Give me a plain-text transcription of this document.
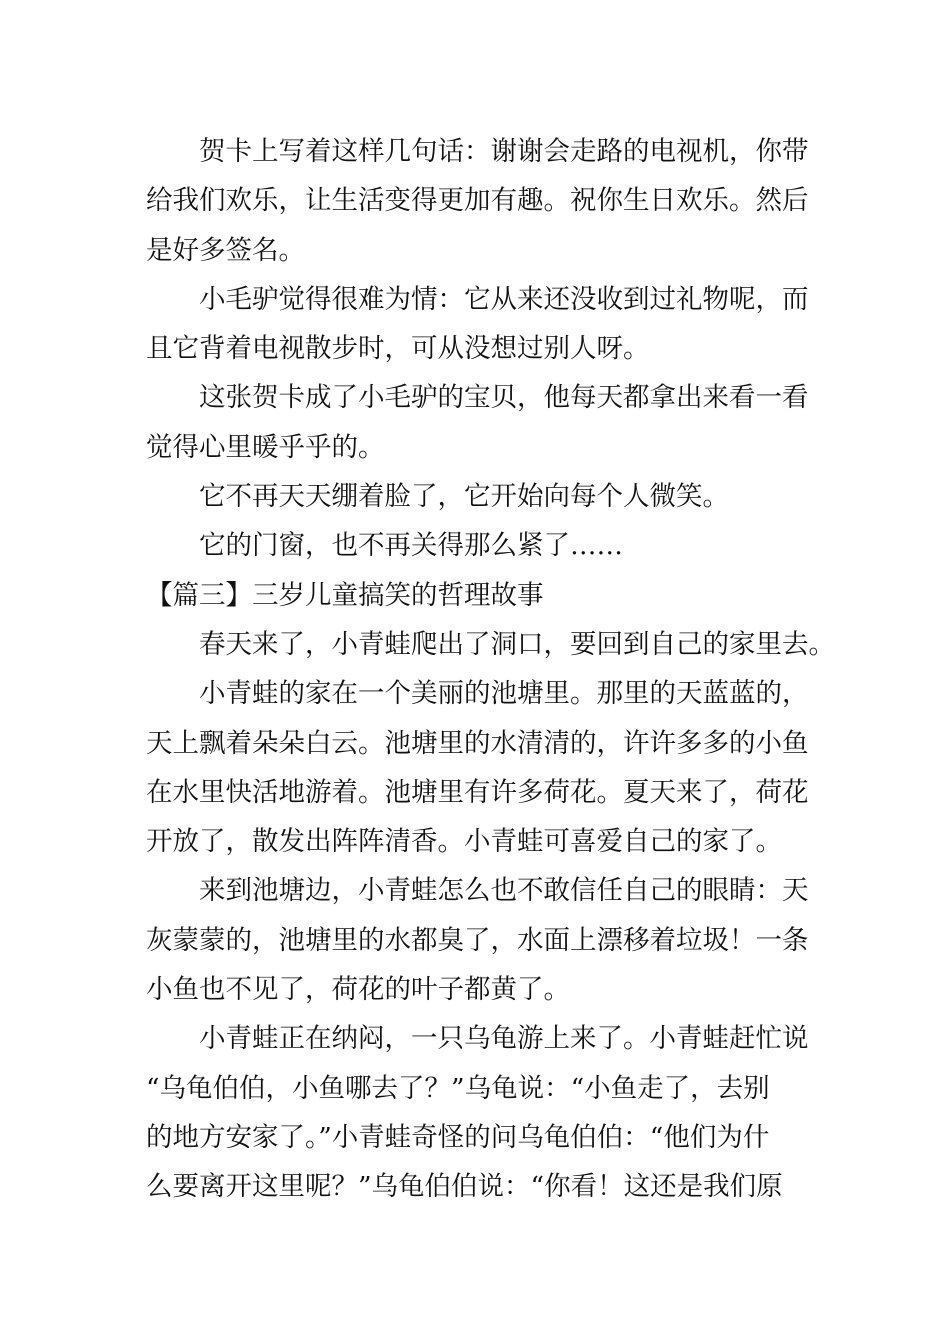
贺卡上写着这样几句话：谢谢会走路的电视机，你带
给我们欢乐，让生活变得更加有趣。祝你生日欢乐。然后
是好多签名。
小毛驴觉得很难为情：它从来还没收到过礼物呢，而
且它背着电视散步时，可从没想过别人呀。
这张贺卡成了小毛驴的宝贝，他每天都拿出来看一看
觉得心里暖乎乎的。
它不再天天绷着脸了，它开始向每个人微笑。
它的门窗，也不再关得那么紧了……
【篇三】三岁儿童搞笑的哲理故事
春天来了，小青蛙爬出了洞口，要回到自己的家里去。
小青蛙的家在一个美丽的池塘里。那里的天蓝蓝的，
天上飘着朵朵白云。池塘里的水清清的，许许多多的小鱼
在水里快活地游着。池塘里有许多荷花。夏天来了，荷花
开放了，散发出阵阵清香。小青蛙可喜爱自己的家了。
来到池塘边，小青蛙怎么也不敢信任自己的眼睛：天
灰蒙蒙的，池塘里的水都臭了，水面上漂移着垃圾！一条
小鱼也不见了，荷花的叶子都黄了。
小青蛙正在纳闷，一只乌龟游上来了。小青蛙赶忙说
“乌龟伯伯，小鱼哪去了？”乌龟说：“小鱼走了，去别
的地方安家了。”小青蛙奇怪的问乌龟伯伯：“他们为什
么要离开这里呢？”乌龟伯伯说：“你看！这还是我们原
